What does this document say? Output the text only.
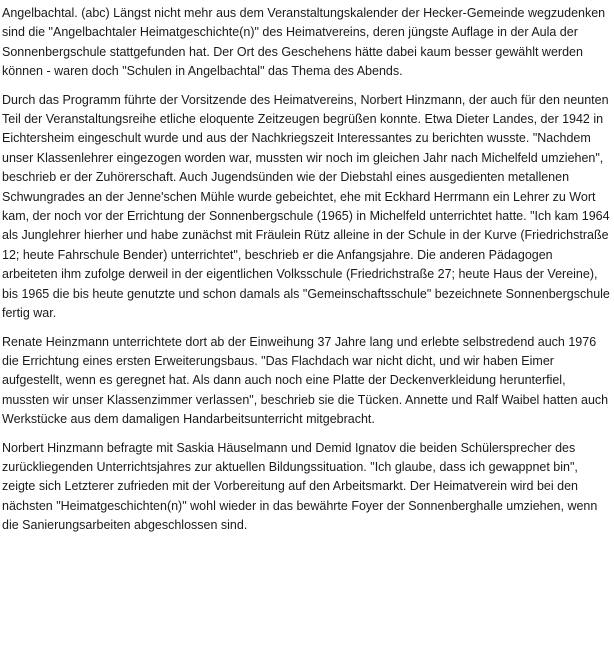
Angelbachtal. (abc) Längst nicht mehr aus dem Veranstaltungskalender der Hecker-Gemeinde wegzudenken sind die "Angelbachtaler Heimatgeschichte(n)" des Heimatvereins, deren jüngste Auflage in der Aula der Sonnenbergschule stattgefunden hat. Der Ort des Geschehens hätte dabei kaum besser gewählt werden können - waren doch "Schulen in Angelbachtal" das Thema des Abends.

Durch das Programm führte der Vorsitzende des Heimatvereins, Norbert Hinzmann, der auch für den neunten Teil der Veranstaltungsreihe etliche eloquente Zeitzeugen begrüßen konnte. Etwa Dieter Landes, der 1942 in Eichtersheim eingeschult wurde und aus der Nachkriegszeit Interessantes zu berichten wusste. "Nachdem unser Klassenlehrer eingezogen worden war, mussten wir noch im gleichen Jahr nach Michelfeld umziehen", beschrieb er der Zuhörerschaft. Auch Jugendsünden wie der Diebstahl eines ausgedienten metallenen Schwungrades an der Jenne'schen Mühle wurde gebeichtet, ehe mit Eckhard Herrmann ein Lehrer zu Wort kam, der noch vor der Errichtung der Sonnenbergschule (1965) in Michelfeld unterrichtet hatte. "Ich kam 1964 als Junglehrer hierher und habe zunächst mit Fräulein Rütz alleine in der Schule in der Kurve (Friedrichstraße 12; heute Fahrschule Bender) unterrichtet", beschrieb er die Anfangsjahre. Die anderen Pädagogen arbeiteten ihm zufolge derweil in der eigentlichen Volksschule (Friedrichstraße 27; heute Haus der Vereine), bis 1965 die bis heute genutzte und schon damals als "Gemeinschaftsschule" bezeichnete Sonnenbergschule fertig war.

Renate Heinzmann unterrichtete dort ab der Einweihung 37 Jahre lang und erlebte selbstredend auch 1976 die Errichtung eines ersten Erweiterungsbaus. "Das Flachdach war nicht dicht, und wir haben Eimer aufgestellt, wenn es geregnet hat. Als dann auch noch eine Platte der Deckenverkleidung herunterfiel, mussten wir unser Klassenzimmer verlassen", beschrieb sie die Tücken. Annette und Ralf Waibel hatten auch Werkstücke aus dem damaligen Handarbeitsunterricht mitgebracht.

Norbert Hinzmann befragte mit Saskia Häuselmann und Demid Ignatov die beiden Schülersprecher des zurückliegenden Unterrichtsjahres zur aktuellen Bildungssituation. "Ich glaube, dass ich gewappnet bin", zeigte sich Letzterer zufrieden mit der Vorbereitung auf den Arbeitsmarkt. Der Heimatverein wird bei den nächsten "Heimatgeschichten(n)" wohl wieder in das bewährte Foyer der Sonnenberghalle umziehen, wenn die Sanierungsarbeiten abgeschlossen sind.
